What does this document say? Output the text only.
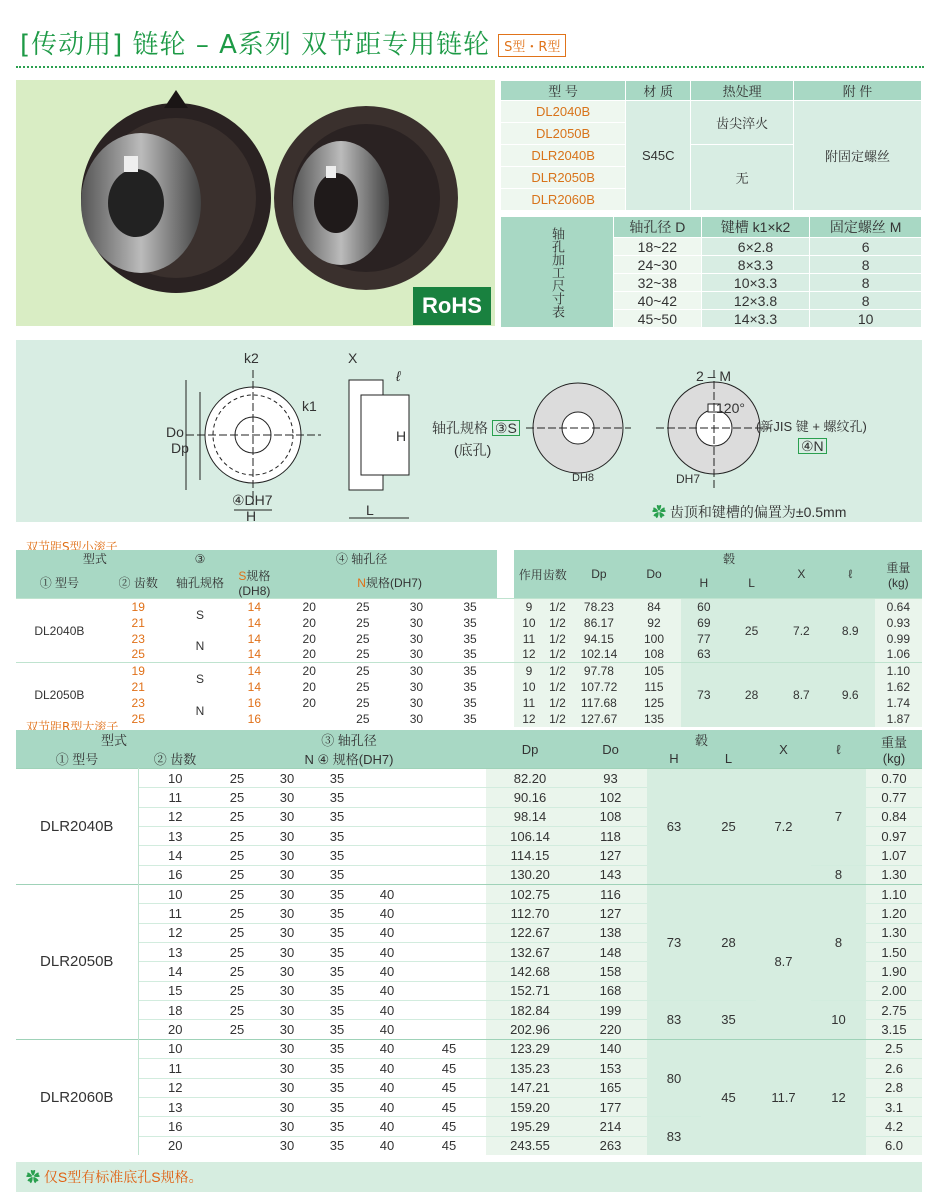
[传动用] 链轮 – A系列 双节距专用链轮 S型・R型
RoHS
型 号	材 质	热处理	附 件
DL2040B	S45C	齿尖淬火	附固定螺丝
DL2050B			
DLR2040B		无	
DLR2050B			
DLR2060B			
轴孔加工尺寸表	轴孔径 D	键槽 k1×k2	固定螺丝 M
	18~22	6×2.8	6
	24~30	8×3.3	8
	32~38	10×3.3	8
	40~42	12×3.8	8
	45~50	14×3.3	10
k2	X
ℓ
k1
Do
Dp
④DH7
H
H
L
轴孔规格 ③S
(底孔)
DH8
2 – M
120°
DH7
(新JIS 键 + 螺纹孔)
④N
✿ 齿顶和键槽的偏置为±0.5mm
双节距S型小滚子
型式		③	④ 轴孔径						作用齿数		Dp	Do	毂		X	ℓ	重量
(kg)
① 型号	② 齿数	轴孔规格	S规格(DH8)	N规格(DH7)									H	L			
DL2040B	19	S	14	20	25	30	35		9	1/2	78.23	84	60	25	7.2	8.9	0.64
	21		14	20	25	30	35		10	1/2	86.17	92	69				0.93
	23	N	14	20	25	30	35		11	1/2	94.15	100	77				0.99
	25		14	20	25	30	35		12	1/2	102.14	108	63				1.06
DL2050B	19	S	14	20	25	30	35		9	1/2	97.78	105	73	28	8.7	9.6	1.10
	21		14	20	25	30	35		10	1/2	107.72	115					1.62
	23	N	16	20	25	30	35		11	1/2	117.68	125					1.74
	25		16		25	30	35		12	1/2	127.67	135					1.87
双节距R型大滚子
型式		③ 轴孔径					Dp	Do	毂		X	ℓ	重量
(kg)
① 型号	② 齿数	N ④ 规格(DH7)							H	L			
DLR2040B	10	25	30	35			82.20	93	63	25	7.2	7	0.70
	11	25	30	35			90.16	102					0.77
	12	25	30	35			98.14	108					0.84
	13	25	30	35			106.14	118					0.97
	14	25	30	35			114.15	127					1.07
	16	25	30	35			130.20	143				8	1.30
DLR2050B	10	25	30	35	40		102.75	116	73	28	8.7	8	1.10
	11	25	30	35	40		112.70	127					1.20
	12	25	30	35	40		122.67	138					1.30
	13	25	30	35	40		132.67	148					1.50
	14	25	30	35	40		142.68	158					1.90
	15	25	30	35	40		152.71	168					2.00
	18	25	30	35	40		182.84	199	83	35		10	2.75
	20	25	30	35	40		202.96	220					3.15
DLR2060B	10		30	35	40	45	123.29	140	80	45	11.7	12	2.5
	11		30	35	40	45	135.23	153					2.6
	12		30	35	40	45	147.21	165					2.8
	13		30	35	40	45	159.20	177					3.1
	16		30	35	40	45	195.29	214	83				4.2
	20		30	35	40	45	243.55	263					6.0
✿ 仅S型有标准底孔S规格。
